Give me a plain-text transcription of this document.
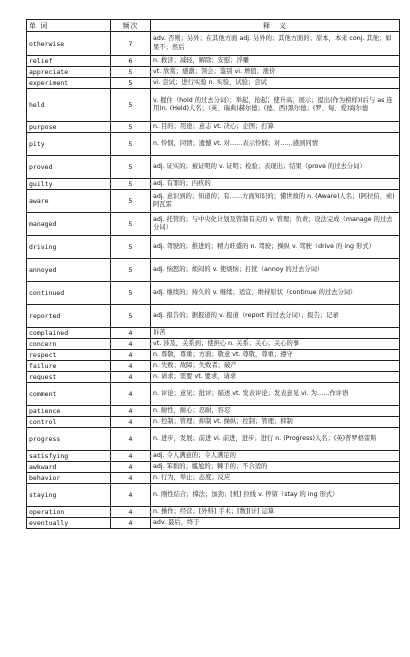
单 词	频次	释　义
otherwise	7	adv. 否则；另外；在其他方面 adj. 另外的；其他方面的；原本，本来 conj. 其他；如果不；然后
relief	6	n. 救济；减轻，解除；安慰；浮雕
appreciate	5	vt. 欣赏；感激；领会；鉴别 vi. 增值；涨价
experiment	5	vi. 尝试；进行实验 n. 实验，试验；尝试
held	5	v. 握住（hold 的过去分词）；举起，抬起；使升高；展示；提出(作为榜样)(后与 as 连用)n. (Held)人名；（英、瑞典)赫尔德；(德、西)黑尔德；(罗、匈、爱)海尔德
purpose	5	n. 目的；用途；意志 vt. 决心；企图；打算
pity	5	n. 怜悯，同情；遗憾 vt. 对……表示怜悯；对……感到同情
proved	5	adj. 证实的；被证明的 v. 证明；检验；表现出；结果（prove 的过去分词）
guilty	5	adj. 有罪的；内疚的
aware	5	adj. 意识到的；知道的；有……方面知识的；懂世故的 n. (Aware)人名；(阿拉伯、索)阿瓦雷
managed	5	adj. 托管的；与中央化计划及管制有关的 v. 管理；负责；设法完成（manage 的过去分词）
driving	5	adj. 驾驶的；推进的；精力旺盛的 n. 驾驶；操纵 v. 驾驶（drive 的 ing 形式）
annoyed	5	adj. 恼怒的；烦闷的 v. 使烦恼；打扰（annoy 的过去分词）
continued	5	adj. 继续的；持久的 v. 继续；适宜；维持原状（continue 的过去分词）
reported	5	adj. 报告的；据报道的 v. 报道（report 的过去分词）；报告；记录
complained	4	诉苦
concern	4	vt. 涉及，关系到；使担心 n. 关系；关心；关心的事
respect	4	n. 尊敬，尊重；方面；敬意 vt. 尊敬，尊重；遵守
failure	4	n. 失败；故障；失败者；破产
request	4	n. 请求；需要 vt. 要求，请求
comment	4	n. 评论；意见；批评；描述 vt. 发表评论；发表意见 vi. 为……作评语
patience	4	n. 耐性，耐心；忍耐，容忍
control	4	n. 控制；管理；抑制 vt. 操纵；控制；管理；抑制
progress	4	n. 进步，发展；前进 vi. 前进，进步；进行 n. (Progress)人名；(英)普罗格雷斯
satisfying	4	adj. 令人满意的；令人满足的
awkward	4	adj. 笨拙的；尴尬的；棘手的；不合适的
behavior	4	n. 行为，举止；态度；反应
staying	4	n. 刚性结合；撑法；加劲；[机] 拉线 v. 停留（stay 的 ing 形式）
operation	4	n. 操作；经营；[外科] 手术；[数][计] 运算
eventually	4	adv. 最后，终于
